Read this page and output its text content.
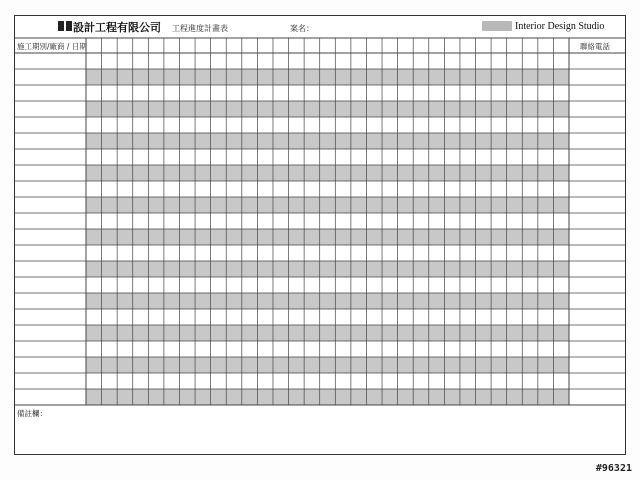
設計工程有限公司 工程進度計畫表	案名：	Interior Design Studio
施工期別/廠商 / 日期	聯絡電話
備註欄：
#96321
